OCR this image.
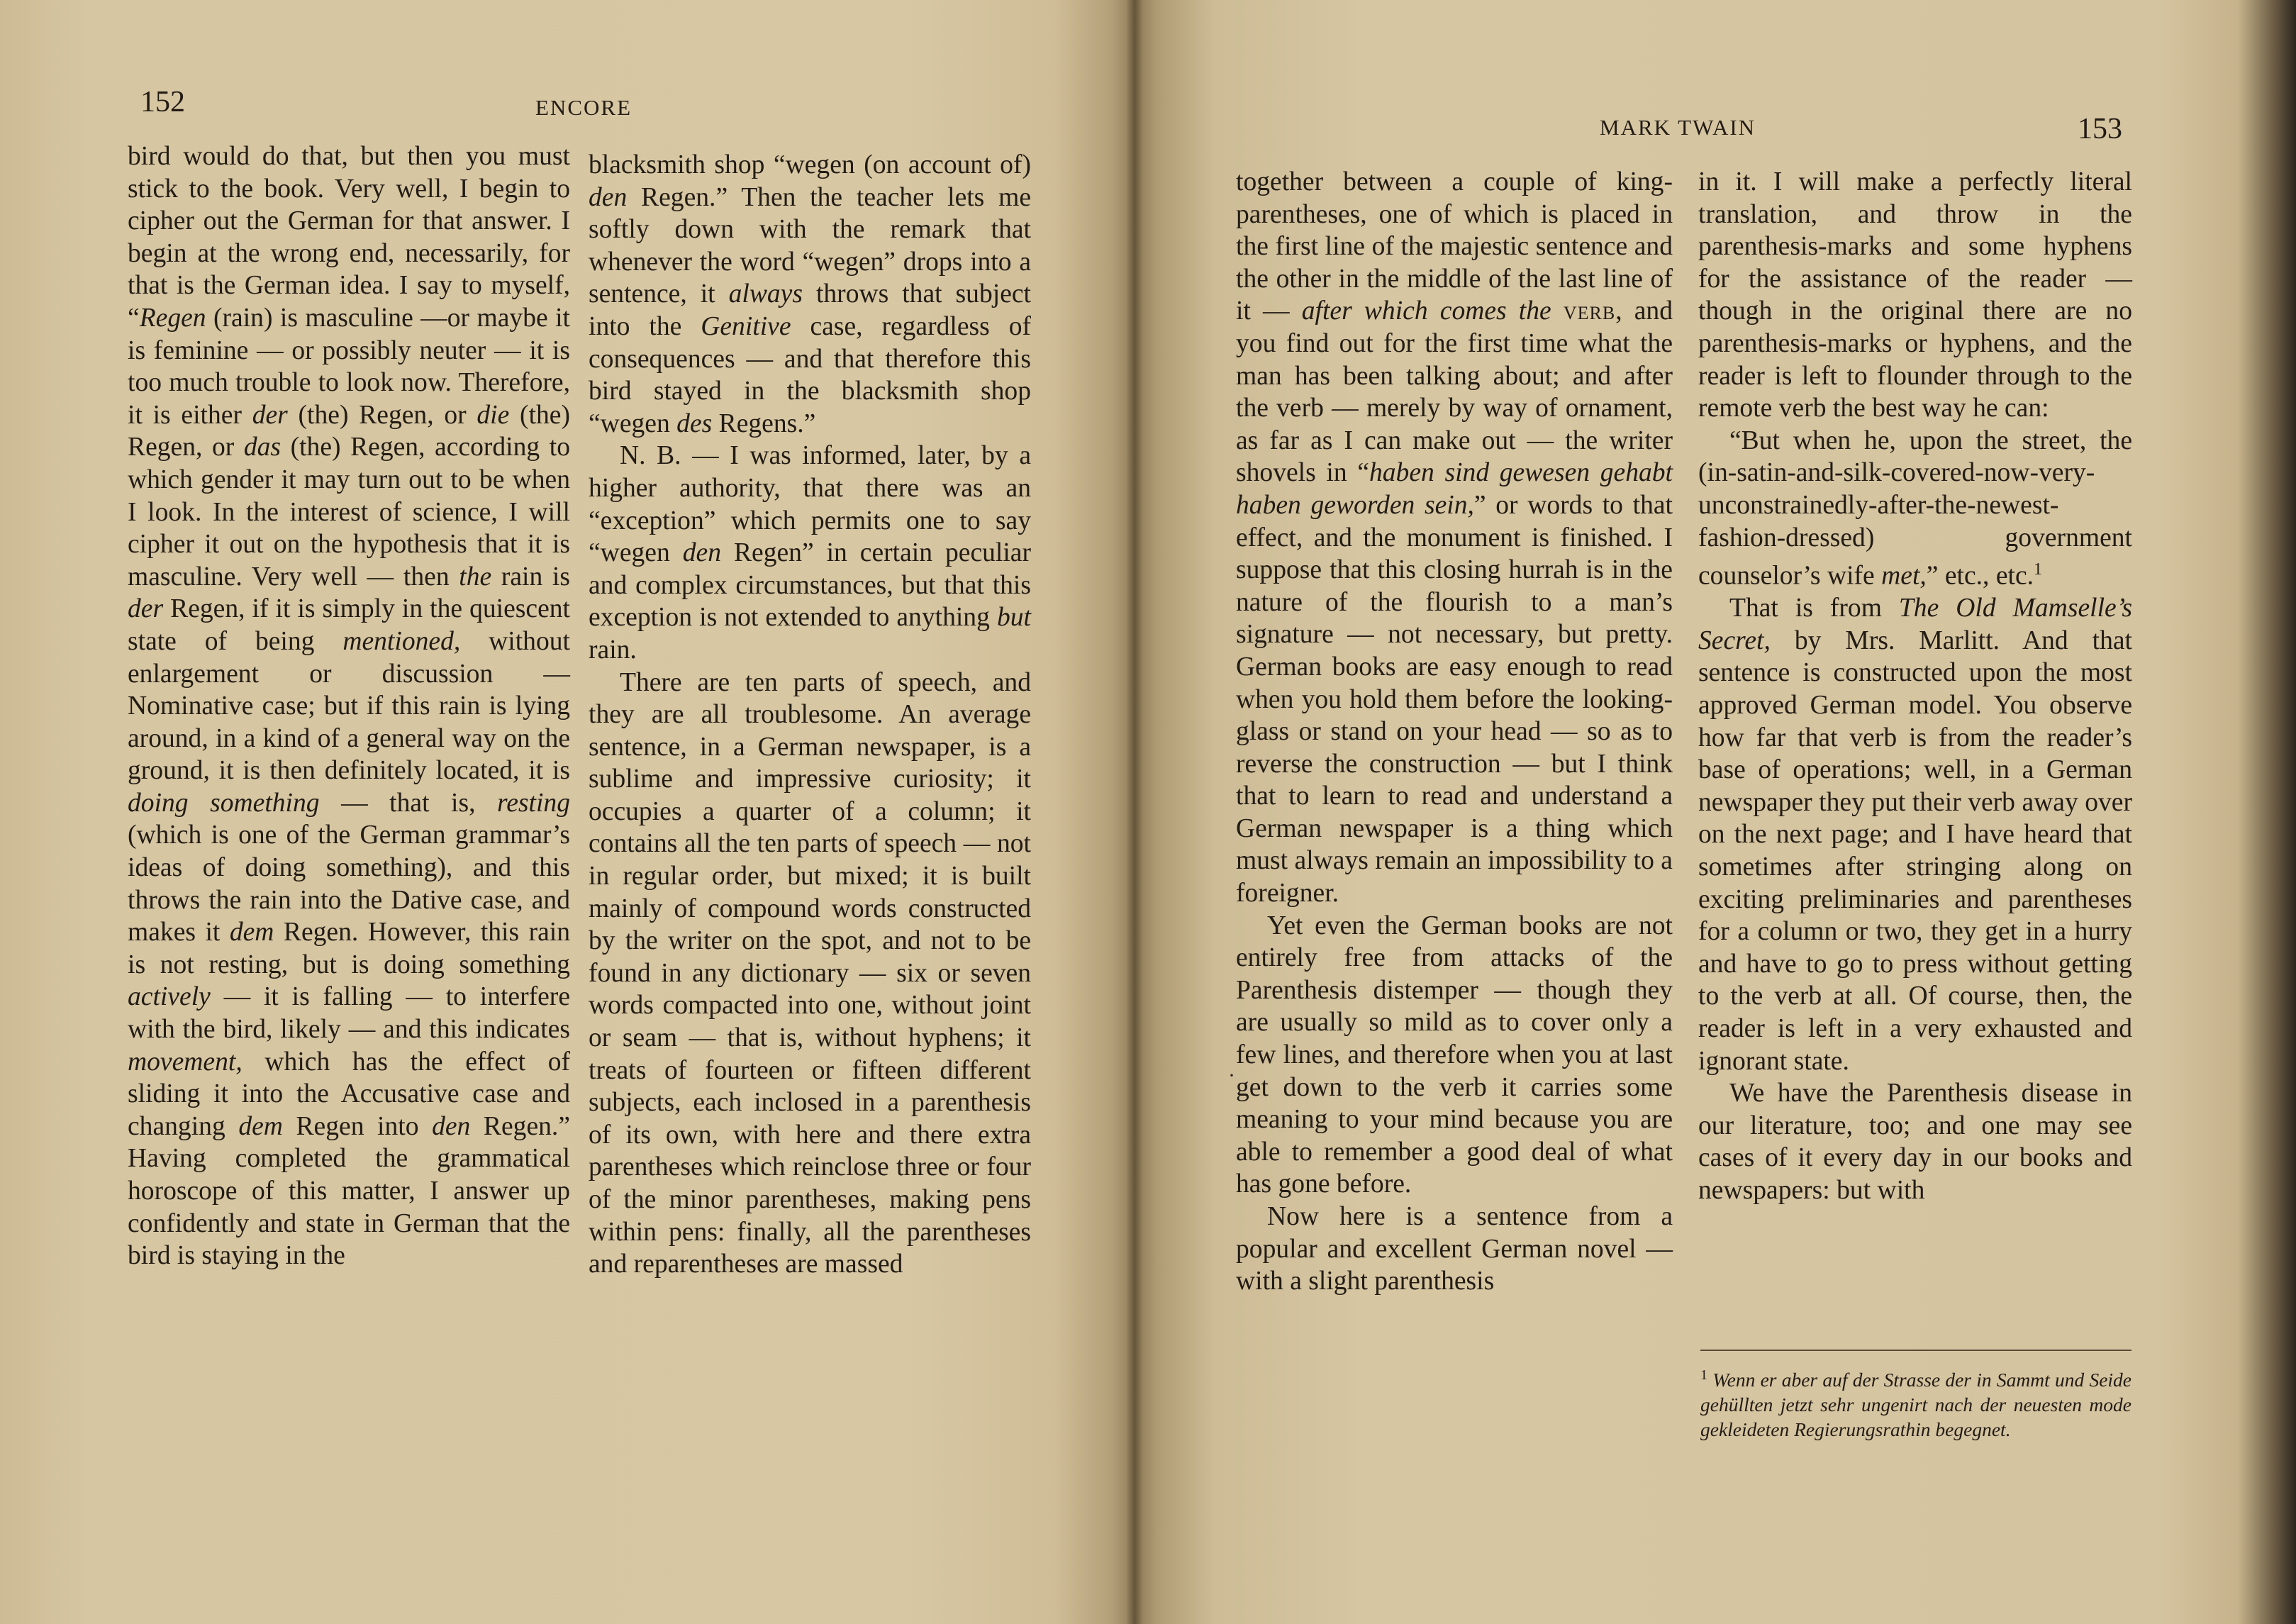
152	ENCORE

bird would do that, but then you must stick to the book. Very well, I begin to cipher out the German for that answer. I begin at the wrong end, necessarily, for that is the German idea. I say to myself, “Regen (rain) is masculine —or maybe it is feminine — or possibly neuter — it is too much trouble to look now. Therefore, it is either der (the) Regen, or die (the) Regen, or das (the) Regen, according to which gender it may turn out to be when I look. In the interest of science, I will cipher it out on the hypothesis that it is masculine. Very well — then the rain is der Regen, if it is simply in the quiescent state of being mentioned, without enlargement or discussion — Nominative case; but if this rain is lying around, in a kind of a general way on the ground, it is then definitely located, it is doing something — that is, resting (which is one of the German grammar’s ideas of doing something), and this throws the rain into the Dative case, and makes it dem Regen. However, this rain is not resting, but is doing something actively — it is falling — to interfere with the bird, likely — and this indicates movement, which has the effect of sliding it into the Accusative case and changing dem Regen into den Regen.” Having completed the grammatical horoscope of this matter, I answer up confidently and state in German that the bird is staying in the

blacksmith shop “wegen (on account of) den Regen.” Then the teacher lets me softly down with the remark that whenever the word “wegen” drops into a sentence, it always throws that subject into the Genitive case, regardless of consequences — and that therefore this bird stayed in the blacksmith shop “wegen des Regens.”

N. B. — I was informed, later, by a higher authority, that there was an “exception” which permits one to say “wegen den Regen” in certain peculiar and complex circumstances, but that this exception is not extended to anything but rain.

There are ten parts of speech, and they are all troublesome. An average sentence, in a German newspaper, is a sublime and impressive curiosity; it occupies a quarter of a column; it contains all the ten parts of speech — not in regular order, but mixed; it is built mainly of compound words constructed by the writer on the spot, and not to be found in any dictionary — six or seven words compacted into one, without joint or seam — that is, without hyphens; it treats of fourteen or fifteen different subjects, each inclosed in a parenthesis of its own, with here and there extra parentheses which reinclose three or four of the minor parentheses, making pens within pens: finally, all the parentheses and reparentheses are massed

MARK TWAIN	153

together between a couple of king-parentheses, one of which is placed in the first line of the majestic sentence and the other in the middle of the last line of it — after which comes the verb, and you find out for the first time what the man has been talking about; and after the verb — merely by way of ornament, as far as I can make out — the writer shovels in “haben sind gewesen gehabt haben geworden sein,” or words to that effect, and the monument is finished. I suppose that this closing hurrah is in the nature of the flourish to a man’s signature — not necessary, but pretty. German books are easy enough to read when you hold them before the looking-glass or stand on your head — so as to reverse the construction — but I think that to learn to read and understand a German newspaper is a thing which must always remain an impossibility to a foreigner.

Yet even the German books are not entirely free from attacks of the Parenthesis distemper — though they are usually so mild as to cover only a few lines, and therefore when you at last get down to the verb it carries some meaning to your mind because you are able to remember a good deal of what has gone before.

Now here is a sentence from a popular and excellent German novel — with a slight parenthesis

in it. I will make a perfectly literal translation, and throw in the parenthesis-marks and some hyphens for the assistance of the reader — though in the original there are no parenthesis-marks or hyphens, and the reader is left to flounder through to the remote verb the best way he can:

“But when he, upon the street, the (in-satin-and-silk-covered-now-very-unconstrainedly-after-the-newest-fashion-dressed) government counselor’s wife met,” etc., etc.$^1$

That is from The Old Mamselle’s Secret, by Mrs. Marlitt. And that sentence is constructed upon the most approved German model. You observe how far that verb is from the reader’s base of operations; well, in a German newspaper they put their verb away over on the next page; and I have heard that sometimes after stringing along on exciting preliminaries and parentheses for a column or two, they get in a hurry and have to go to press without getting to the verb at all. Of course, then, the reader is left in a very exhausted and ignorant state.

We have the Parenthesis disease in our literature, too; and one may see cases of it every day in our books and newspapers: but with

$^1$ Wenn er aber auf der Strasse der in Sammt und Seide gehüllten jetzt sehr ungenirt nach der neuesten mode gekleideten Regierungsrathin begegnet.
·
